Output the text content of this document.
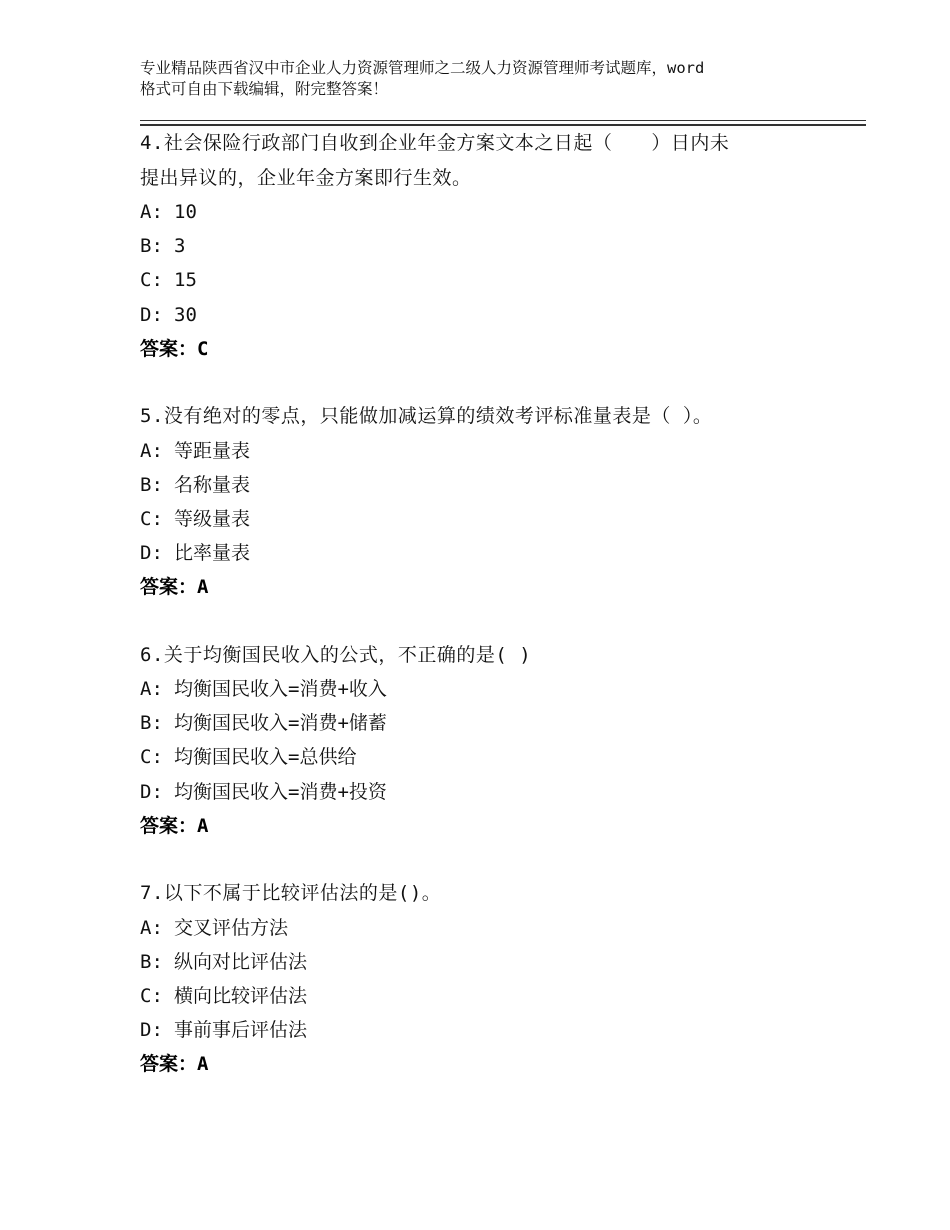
专业精品陕西省汉中市企业人力资源管理师之二级人力资源管理师考试题库，word
格式可自由下载编辑，附完整答案！
4.社会保险行政部门自收到企业年金方案文本之日起（　　）日内未
提出异议的，企业年金方案即行生效。
A: 10
B: 3
C: 15
D: 30
答案：C
5.没有绝对的零点，只能做加减运算的绩效考评标准量表是（ ）。
A: 等距量表
B: 名称量表
C: 等级量表
D: 比率量表
答案：A
6.关于均衡国民收入的公式，不正确的是( )
A: 均衡国民收入=消费+收入
B: 均衡国民收入=消费+储蓄
C: 均衡国民收入=总供给
D: 均衡国民收入=消费+投资
答案：A
7.以下不属于比较评估法的是()。
A: 交叉评估方法
B: 纵向对比评估法
C: 横向比较评估法
D: 事前事后评估法
答案：A
